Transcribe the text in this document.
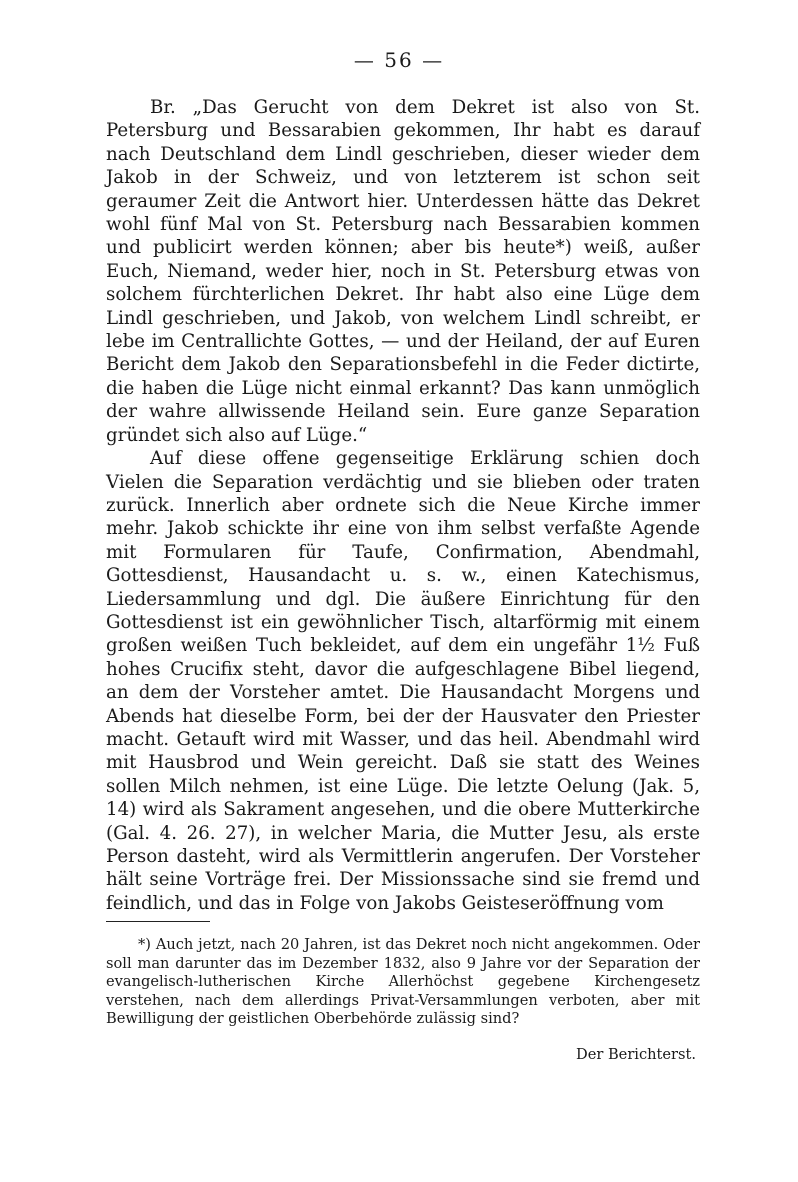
— 56 —

Br. „Das Gerucht von dem Dekret ist also von St. Petersburg und Bessarabien gekommen, Ihr habt es darauf nach Deutschland dem Lindl geschrieben, dieser wieder dem Jakob in der Schweiz, und von letzterem ist schon seit geraumer Zeit die Antwort hier. Unterdessen hätte das Dekret wohl fünf Mal von St. Petersburg nach Bessarabien kommen und publicirt werden können; aber bis heute*) weiß, außer Euch, Niemand, weder hier, noch in St. Petersburg etwas von solchem fürchterlichen Dekret. Ihr habt also eine Lüge dem Lindl geschrieben, und Jakob, von welchem Lindl schreibt, er lebe im Centrallichte Gottes, — und der Heiland, der auf Euren Bericht dem Jakob den Separationsbefehl in die Feder dictirte, die haben die Lüge nicht einmal erkannt? Das kann unmöglich der wahre allwissende Heiland sein. Eure ganze Separation gründet sich also auf Lüge.“

Auf diese offene gegenseitige Erklärung schien doch Vielen die Separation verdächtig und sie blieben oder traten zurück. Innerlich aber ordnete sich die Neue Kirche immer mehr. Jakob schickte ihr eine von ihm selbst verfaßte Agende mit Formularen für Taufe, Confirmation, Abendmahl, Gottesdienst, Hausandacht u. s. w., einen Katechismus, Liedersammlung und dgl. Die äußere Einrichtung für den Gottesdienst ist ein gewöhnlicher Tisch, altarförmig mit einem großen weißen Tuch bekleidet, auf dem ein ungefähr 1½ Fuß hohes Crucifix steht, davor die aufgeschlagene Bibel liegend, an dem der Vorsteher amtet. Die Hausandacht Morgens und Abends hat dieselbe Form, bei der der Hausvater den Priester macht. Getauft wird mit Wasser, und das heil. Abendmahl wird mit Hausbrod und Wein gereicht. Daß sie statt des Weines sollen Milch nehmen, ist eine Lüge. Die letzte Oelung (Jak. 5, 14) wird als Sakrament angesehen, und die obere Mutterkirche (Gal. 4. 26. 27), in welcher Maria, die Mutter Jesu, als erste Person dasteht, wird als Vermittlerin angerufen. Der Vorsteher hält seine Vorträge frei. Der Missionssache sind sie fremd und feindlich, und das in Folge von Jakobs Geisteseröffnung vom

*) Auch jetzt, nach 20 Jahren, ist das Dekret noch nicht angekommen. Oder soll man darunter das im Dezember 1832, also 9 Jahre vor der Separation der evangelisch-lutherischen Kirche Allerhöchst gegebene Kirchengesetz verstehen, nach dem allerdings Privat-Versammlungen verboten, aber mit Bewilligung der geistlichen Oberbehörde zulässig sind?

Der Berichterst.
